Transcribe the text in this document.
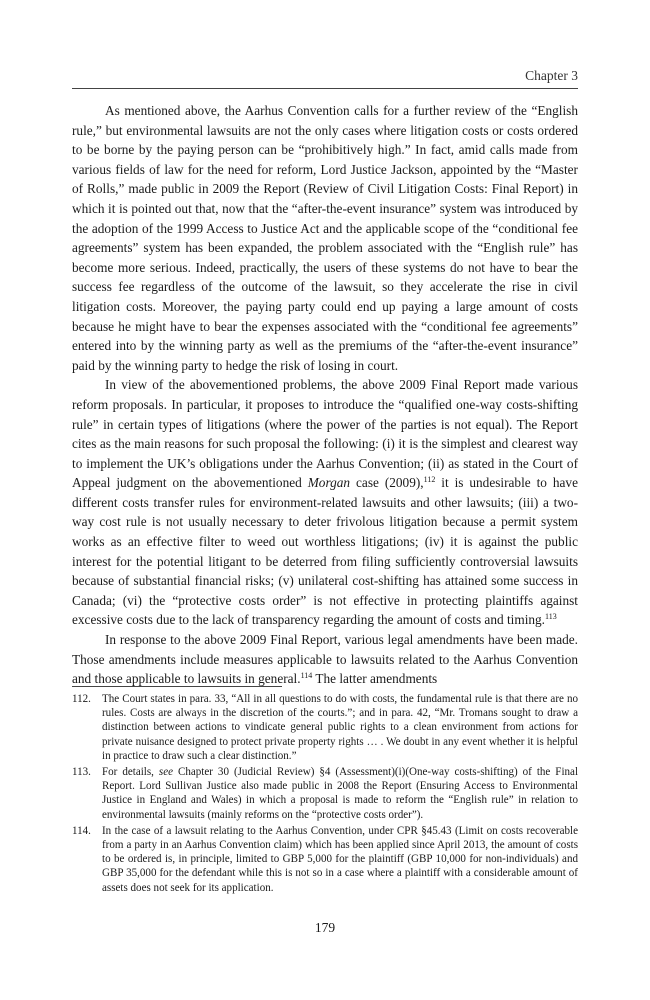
Chapter 3

As mentioned above, the Aarhus Convention calls for a further review of the “English rule,” but environmental lawsuits are not the only cases where litigation costs or costs ordered to be borne by the paying person can be “prohibitively high.” In fact, amid calls made from various fields of law for the need for reform, Lord Justice Jackson, appointed by the “Master of Rolls,” made public in 2009 the Report (Review of Civil Litigation Costs: Final Report) in which it is pointed out that, now that the “after-the-event insurance” system was introduced by the adoption of the 1999 Access to Justice Act and the applicable scope of the “conditional fee agreements” system has been expanded, the problem associated with the “English rule” has become more serious. Indeed, practically, the users of these systems do not have to bear the success fee regardless of the outcome of the lawsuit, so they accelerate the rise in civil litigation costs. Moreover, the paying party could end up paying a large amount of costs because he might have to bear the expenses associated with the “conditional fee agreements” entered into by the winning party as well as the premiums of the “after-the-event insurance” paid by the winning party to hedge the risk of losing in court.

In view of the abovementioned problems, the above 2009 Final Report made various reform proposals. In particular, it proposes to introduce the “qualified one-way costs-shifting rule” in certain types of litigations (where the power of the parties is not equal). The Report cites as the main reasons for such proposal the following: (i) it is the simplest and clearest way to implement the UK’s obligations under the Aarhus Convention; (ii) as stated in the Court of Appeal judgment on the abovementioned Morgan case (2009),$^{112}$ it is undesirable to have different costs transfer rules for environment-related lawsuits and other lawsuits; (iii) a two-way cost rule is not usually necessary to deter frivolous litigation because a permit system works as an effective filter to weed out worthless litigations; (iv) it is against the public interest for the potential litigant to be deterred from filing sufficiently controversial lawsuits because of substantial financial risks; (v) unilateral cost-shifting has attained some success in Canada; (vi) the “protective costs order” is not effective in protecting plaintiffs against excessive costs due to the lack of transparency regarding the amount of costs and timing.$^{113}$

In response to the above 2009 Final Report, various legal amendments have been made. Those amendments include measures applicable to lawsuits related to the Aarhus Convention and those applicable to lawsuits in general.$^{114}$ The latter amendments

112.	The Court states in para. 33, “All in all questions to do with costs, the fundamental rule is that there are no rules. Costs are always in the discretion of the courts.”; and in para. 42, “Mr. Tromans sought to draw a distinction between actions to vindicate general public rights to a clean environment from actions for private nuisance designed to protect private property rights … . We doubt in any event whether it is helpful in practice to draw such a clear distinction.”
113.	For details, see Chapter 30 (Judicial Review) §4 (Assessment)(i)(One-way costs-shifting) of the Final Report. Lord Sullivan Justice also made public in 2008 the Report (Ensuring Access to Environmental Justice in England and Wales) in which a proposal is made to reform the “English rule” in relation to environmental lawsuits (mainly reforms on the “protective costs order”).
114.	In the case of a lawsuit relating to the Aarhus Convention, under CPR §45.43 (Limit on costs recoverable from a party in an Aarhus Convention claim) which has been applied since April 2013, the amount of costs to be ordered is, in principle, limited to GBP 5,000 for the plaintiff (GBP 10,000 for non-individuals) and GBP 35,000 for the defendant while this is not so in a case where a plaintiff with a considerable amount of assets does not seek for its application.
179
